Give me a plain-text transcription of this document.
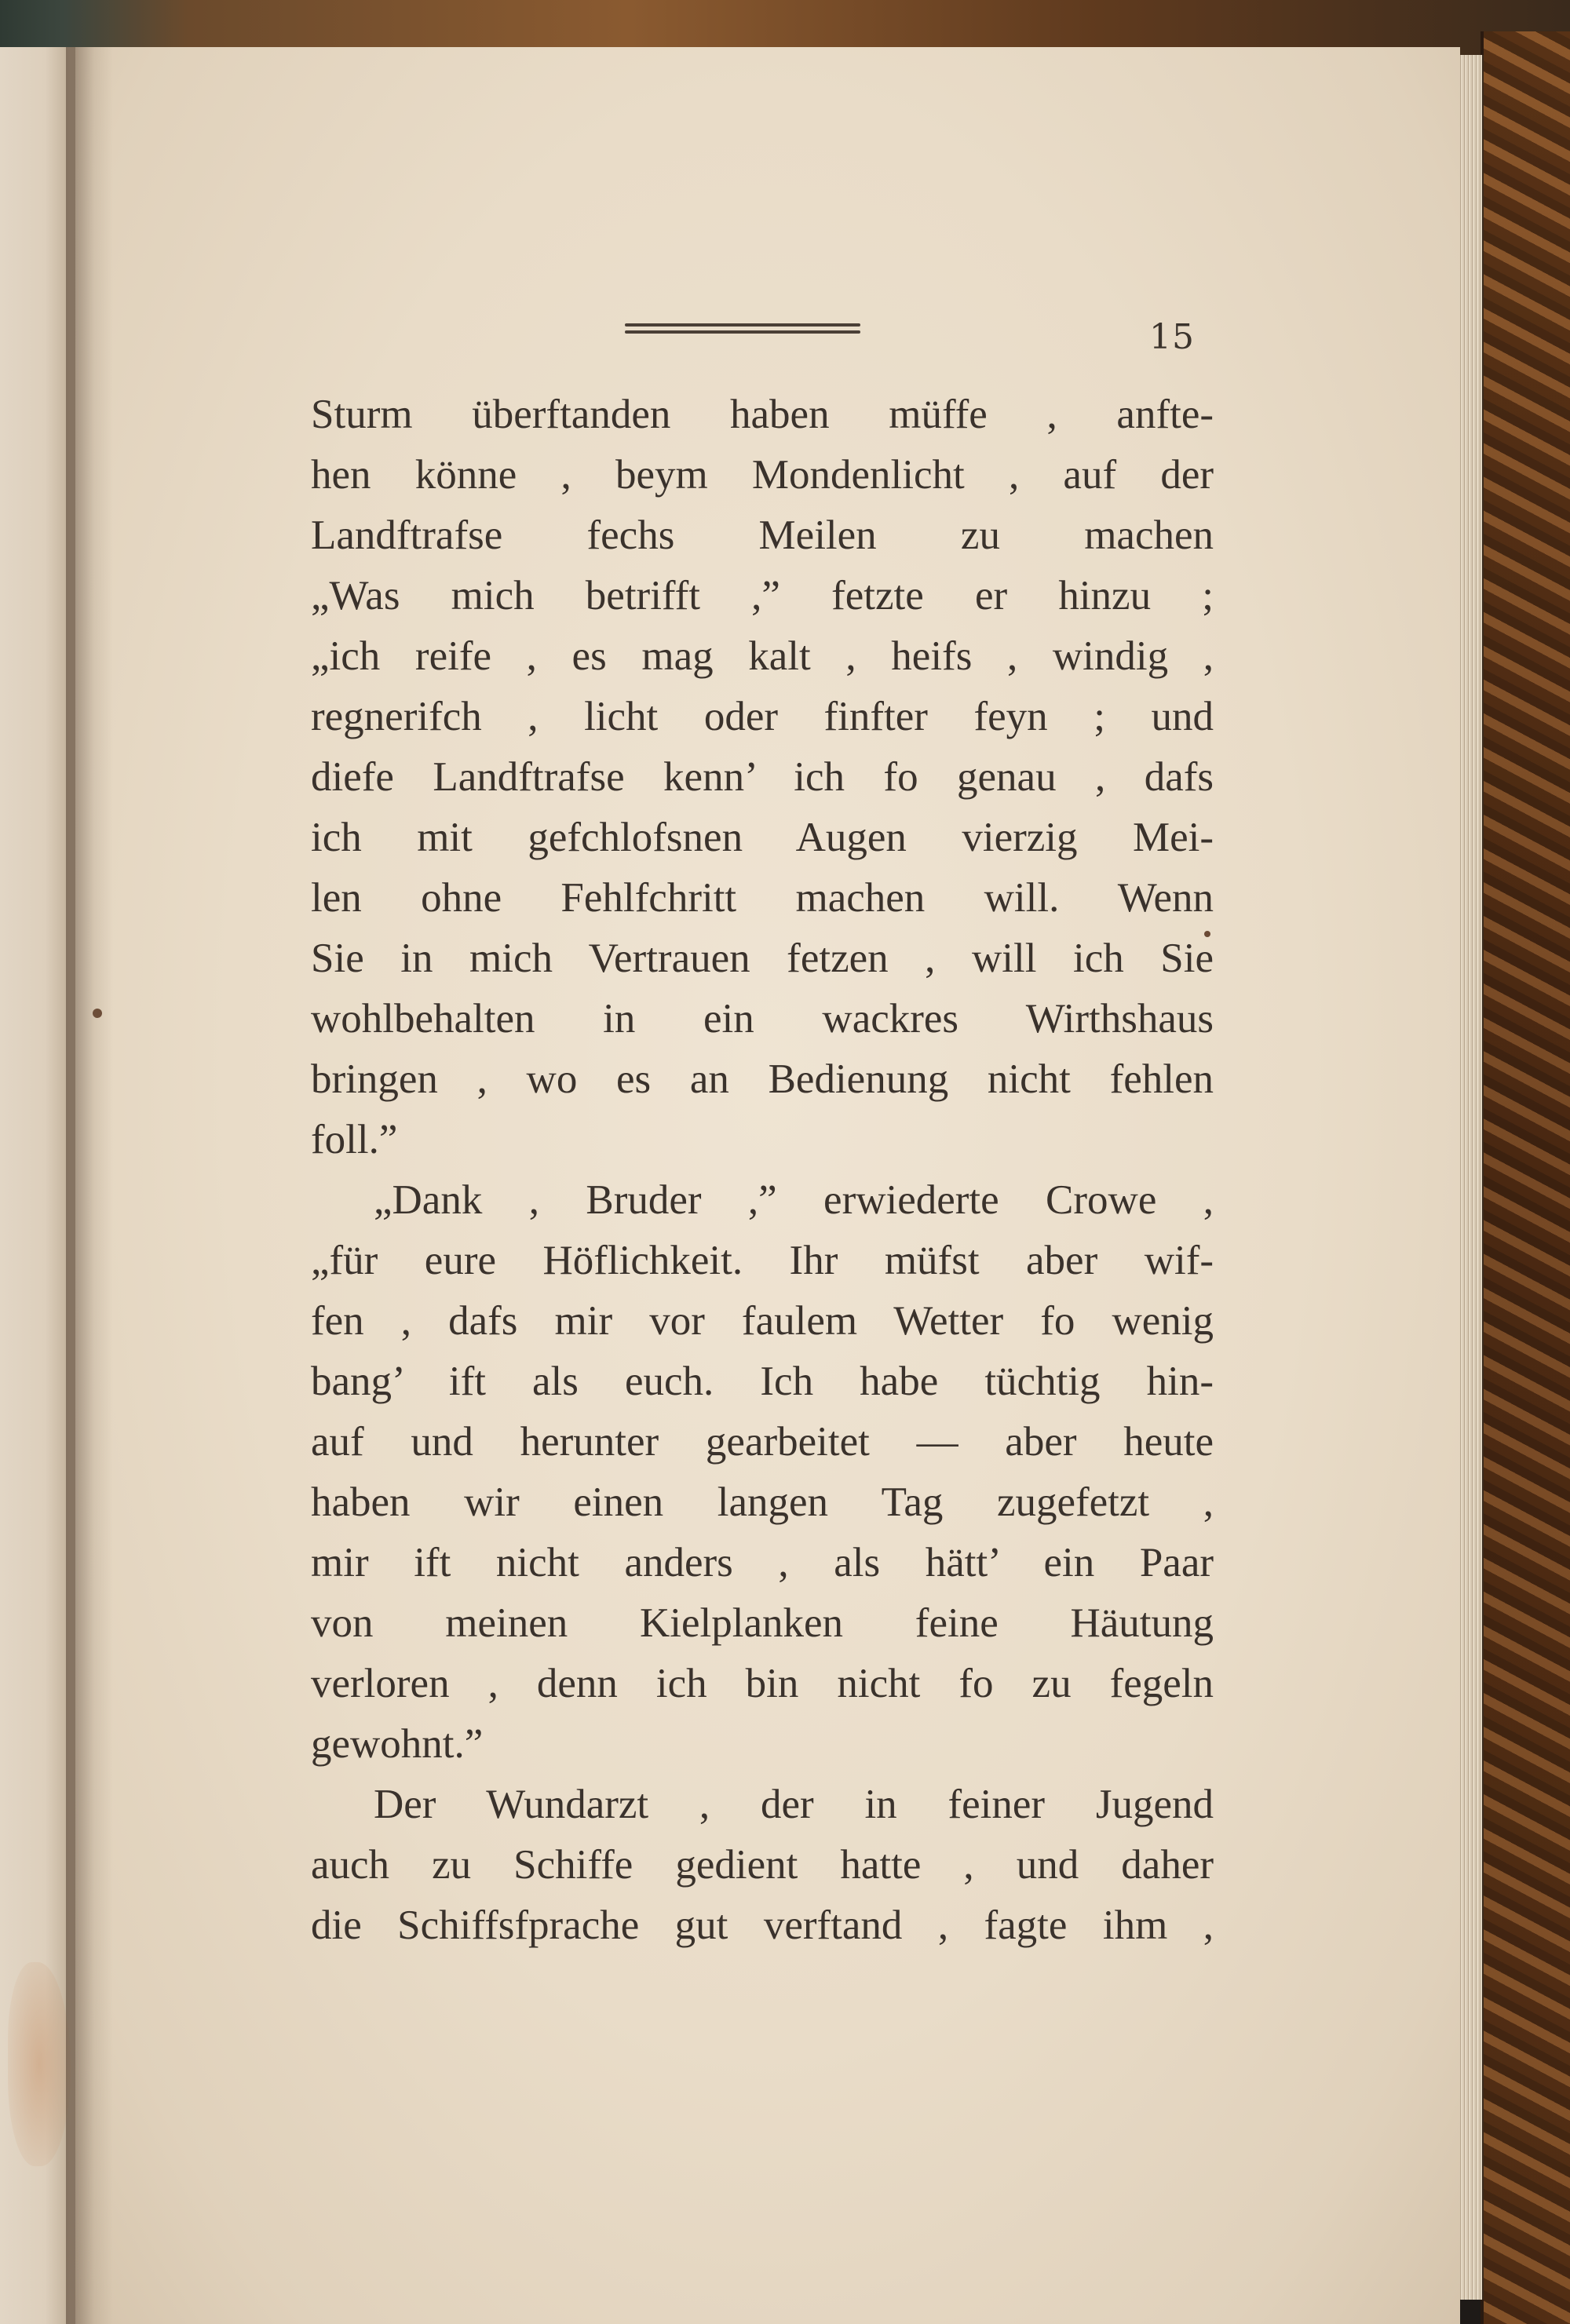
15
Sturm überftanden haben müffe , anfte-
hen könne , beym Mondenlicht , auf der
Landftrafse fechs Meilen zu machen
„Was mich betrifft ,” fetzte er hinzu ;
„ich reife , es mag kalt , heifs , windig ,
regnerifch , licht oder finfter feyn ; und
diefe Landftrafse kenn’ ich fo genau , dafs
ich mit gefchlofsnen Augen vierzig Mei-
len ohne Fehlfchritt machen will. Wenn
Sie in mich Vertrauen fetzen , will ich Sie
wohlbehalten in ein wackres Wirthshaus
bringen , wo es an Bedienung nicht fehlen
foll.”
„Dank , Bruder ,” erwiederte Crowe ,
„für eure Höflichkeit. Ihr müfst aber wif-
fen , dafs mir vor faulem Wetter fo wenig
bang’ ift als euch. Ich habe tüchtig hin-
auf und herunter gearbeitet — aber heute
haben wir einen langen Tag zugefetzt ,
mir ift nicht anders , als hätt’ ein Paar
von meinen Kielplanken feine Häutung
verloren , denn ich bin nicht fo zu fegeln
gewohnt.”
Der Wundarzt , der in feiner Jugend
auch zu Schiffe gedient hatte , und daher
die Schiffsfprache gut verftand , fagte ihm ,
